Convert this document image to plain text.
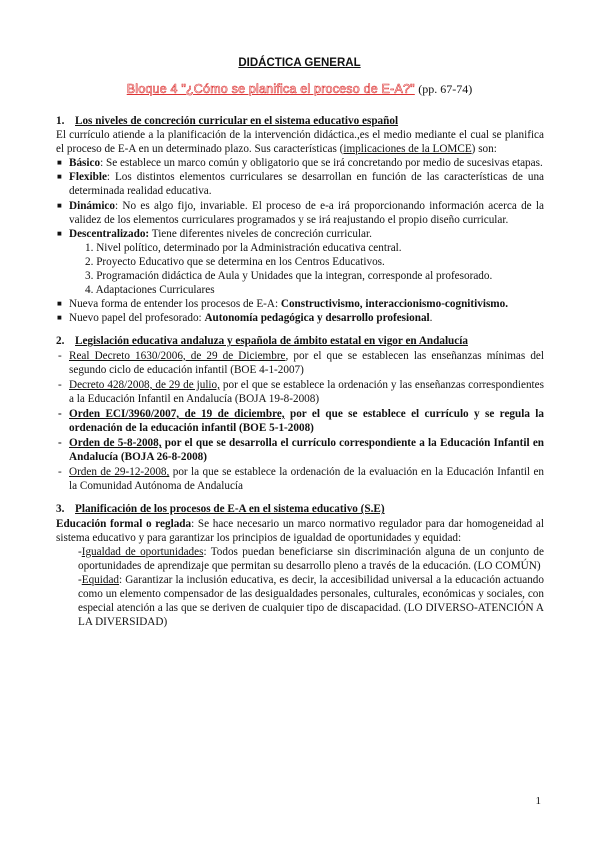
DIDÁCTICA GENERAL
Bloque 4 "¿Cómo se planifica el proceso de E-A?" (pp. 67-74)
1. Los niveles de concreción curricular en el sistema educativo español

El currículo atiende a la planificación de la intervención didáctica.,es el medio mediante el cual se planifica el proceso de E-A en un determinado plazo. Sus características (implicaciones de la LOMCE) son:

■ Básico: Se establece un marco común y obligatorio que se irá concretando por medio de sucesivas etapas.
■ Flexible: Los distintos elementos curriculares se desarrollan en función de las características de una determinada realidad educativa.
■ Dinámico: No es algo fijo, invariable. El proceso de e-a irá proporcionando información acerca de la validez de los elementos curriculares programados y se irá reajustando el propio diseño curricular.
■ Descentralizado: Tiene diferentes niveles de concreción curricular.
1. Nivel político, determinado por la Administración educativa central.
2. Proyecto Educativo que se determina en los Centros Educativos.
3. Programación didáctica de Aula y Unidades que la integran, corresponde al profesorado.
4. Adaptaciones Curriculares
■ Nueva forma de entender los procesos de E-A: Constructivismo, interaccionismo-cognitivismo.
■ Nuevo papel del profesorado: Autonomía pedagógica y desarrollo profesional.
2. Legislación educativa andaluza y española de ámbito estatal en vigor en Andalucía
- Real Decreto 1630/2006, de 29 de Diciembre, por el que se establecen las enseñanzas mínimas del segundo ciclo de educación infantil (BOE 4-1-2007)
- Decreto 428/2008, de 29 de julio, por el que se establece la ordenación y las enseñanzas correspondientes a la Educación Infantil en Andalucía (BOJA 19-8-2008)
- Orden ECI/3960/2007, de 19 de diciembre, por el que se establece el currículo y se regula la ordenación de la educación infantil (BOE 5-1-2008)
- Orden de 5-8-2008, por el que se desarrolla el currículo correspondiente a la Educación Infantil en Andalucía (BOJA 26-8-2008)
- Orden de 29-12-2008, por la que se establece la ordenación de la evaluación en la Educación Infantil en la Comunidad Autónoma de Andalucía
3. Planificación de los procesos de E-A en el sistema educativo (S.E)

Educación formal o reglada: Se hace necesario un marco normativo regulador para dar homogeneidad al sistema educativo y para garantizar los principios de igualdad de oportunidades y equidad:

-Igualdad de oportunidades: Todos puedan beneficiarse sin discriminación alguna de un conjunto de oportunidades de aprendizaje que permitan su desarrollo pleno a través de la educación. (LO COMÚN)

-Equidad: Garantizar la inclusión educativa, es decir, la accesibilidad universal a la educación actuando como un elemento compensador de las desigualdades personales, culturales, económicas y sociales, con especial atención a las que se deriven de cualquier tipo de discapacidad. (LO DIVERSO-ATENCIÓN A LA DIVERSIDAD)

1
